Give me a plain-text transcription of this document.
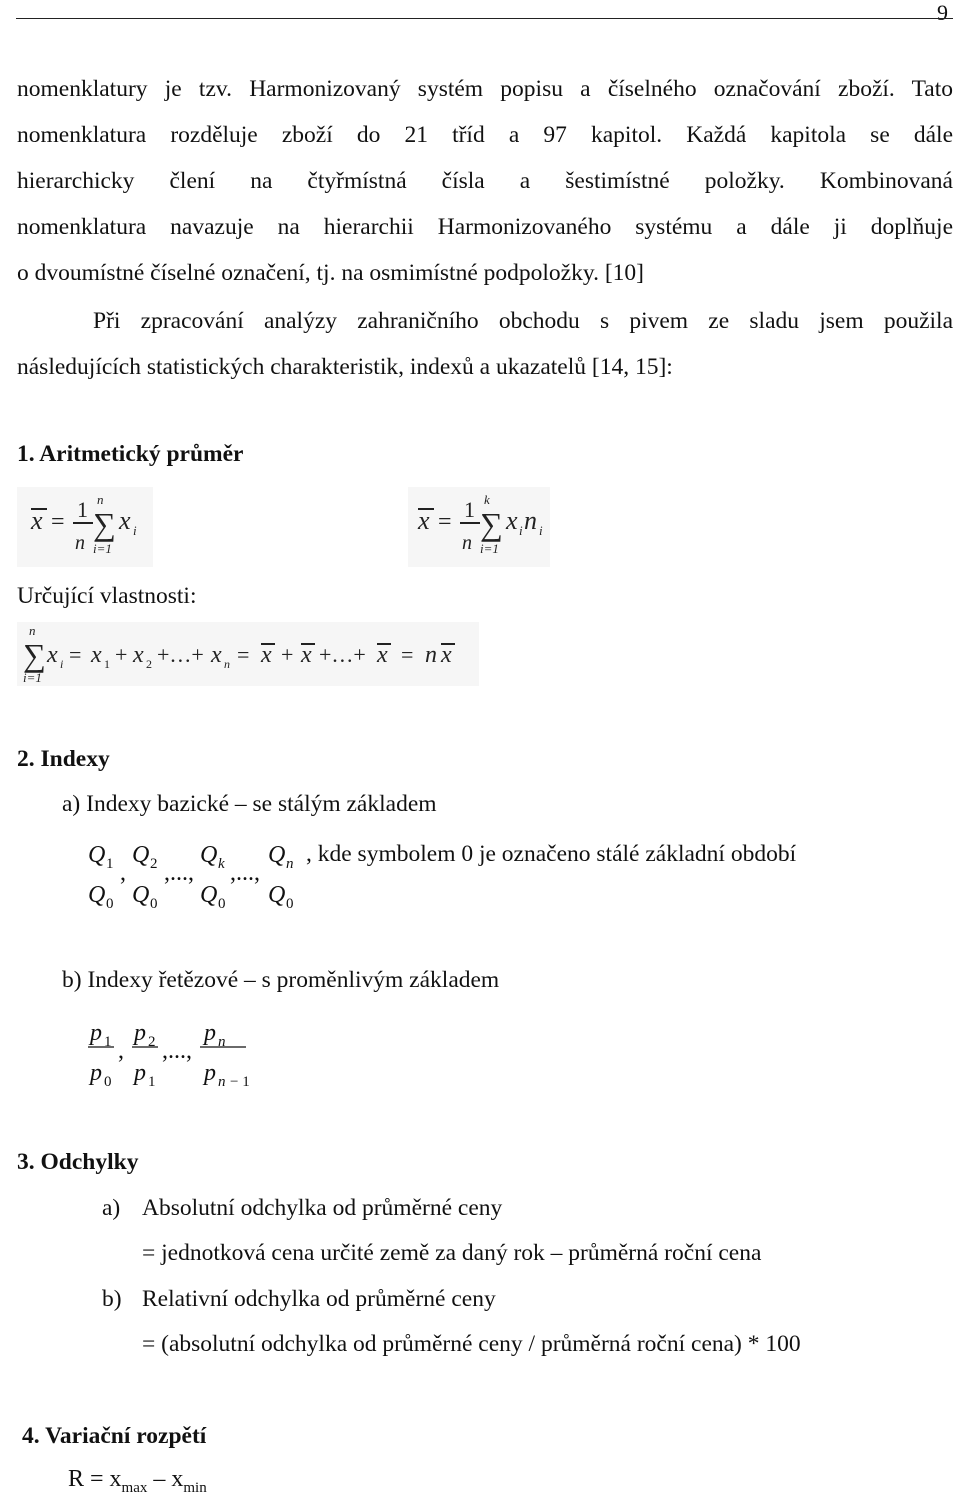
9
nomenklatury je tzv. Harmonizovaný systém popisu a číselného označování zboží. Tato
nomenklatura rozděluje zboží do 21 tříd a 97 kapitol. Každá kapitola se dále
hierarchicky člení na čtyřmístná čísla a šestimístné položky. Kombinovaná
nomenklatura navazuje na hierarchii Harmonizovaného systému a dále ji doplňuje
o dvoumístné číselné označení, tj. na osmimístné podpoložky. [10]
Při zpracování analýzy zahraničního obchodu s pivem ze sladu jsem použila
následujících statistických charakteristik, indexů a ukazatelů [14, 15]:
1. Aritmetický průměr
x = 1
n
n
∑
i=1
x i	x = 1
n
k
∑
i=1
x i n i
Určující vlastnosti:
n
∑
i=1
x i = x 1 + x 2 +…+ x n = x + x +…+ x = n x
2. Indexy
a) Indexy bazické – se stálým základem
Q 1
Q 0
,
Q 2
Q 0
,...,
Q k
Q 0
,...,
Q n
Q 0
, kde symbolem 0 je označeno stálé základní období
b) Indexy řetězové – s proměnlivým základem
p 1
p 0
,
p 2
p 1
,...,
p n
p n − 1
3. Odchylky
a) Absolutní odchylka od průměrné ceny
= jednotková cena určité země za daný rok – průměrná roční cena
b) Relativní odchylka od průměrné ceny
= (absolutní odchylka od průměrné ceny / průměrná roční cena) * 100
4. Variační rozpětí
$R = x_{max} - x_{min}$
